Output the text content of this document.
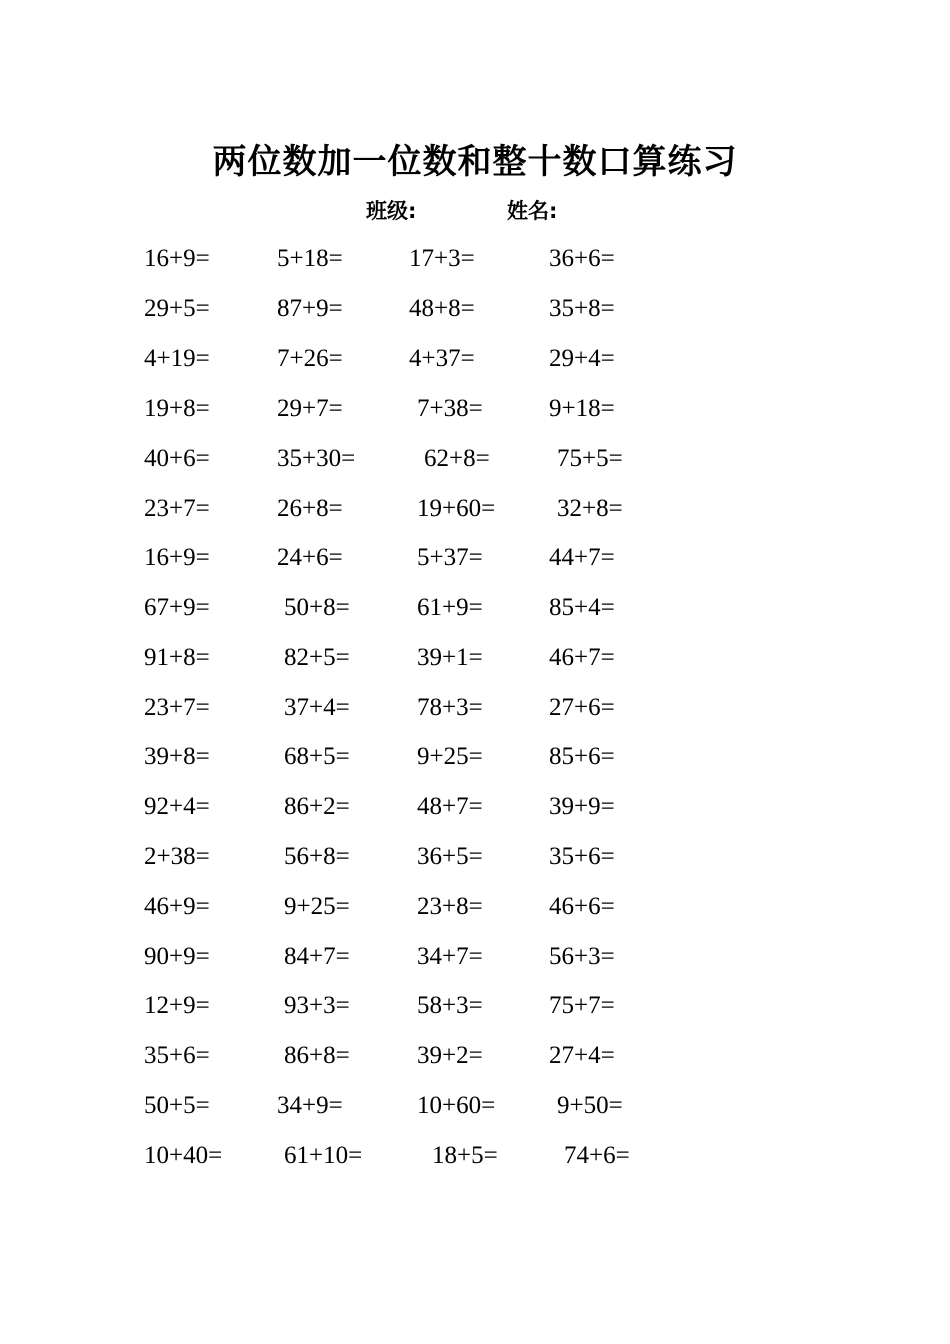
两位数加一位数和整十数口算练习
班级:	姓名:
16+9=	5+18=	17+3=	36+6=
29+5=	87+9=	48+8=	35+8=
4+19=	7+26=	4+37=	29+4=
19+8=	29+7=	7+38=	9+18=
40+6=	35+30=	62+8=	75+5=
23+7=	26+8=	19+60= 32+8=
16+9=	24+6=	5+37=	44+7=
67+9=	50+8=	61+9=	85+4=
91+8=	82+5=	39+1=	46+7=
23+7=	37+4=	78+3=	27+6=
39+8=	68+5=	9+25=	85+6=
92+4=	86+2=	48+7=	39+9=
2+38=	56+8=	36+5=	35+6=
46+9=	9+25=	23+8=	46+6=
90+9=	84+7=	34+7=	56+3=
12+9=	93+3=	58+3=	75+7=
35+6=	86+8=	39+2=	27+4=
50+5=	34+9=	10+60= 9+50=
10+40= 61+10=	18+5=	74+6=
